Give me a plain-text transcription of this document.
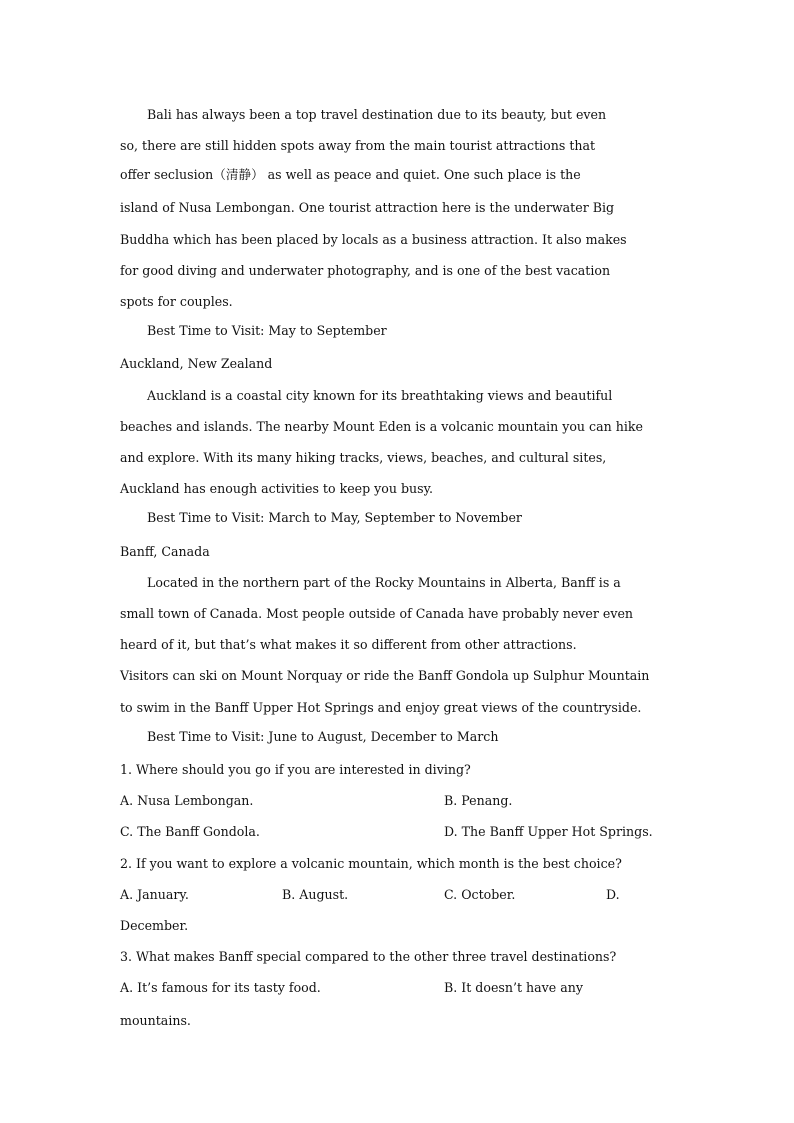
Bali has always been a top travel destination due to its beauty, but even
so, there are still hidden spots away from the main tourist attractions that
offer seclusion（清静） as well as peace and quiet. One such place is the
island of Nusa Lembongan. One tourist attraction here is the underwater Big
Buddha which has been placed by locals as a business attraction. It also makes
for good diving and underwater photography, and is one of the best vacation
spots for couples.
Best Time to Visit: May to September
Auckland, New Zealand
Auckland is a coastal city known for its breathtaking views and beautiful
beaches and islands. The nearby Mount Eden is a volcanic mountain you can hike
and explore. With its many hiking tracks, views, beaches, and cultural sites,
Auckland has enough activities to keep you busy.
Best Time to Visit: March to May, September to November
Banff, Canada
Located in the northern part of the Rocky Mountains in Alberta, Banff is a
small town of Canada. Most people outside of Canada have probably never even
heard of it, but that’s what makes it so different from other attractions.
Visitors can ski on Mount Norquay or ride the Banff Gondola up Sulphur Mountain
to swim in the Banff Upper Hot Springs and enjoy great views of the countryside.
Best Time to Visit: June to August, December to March
1. Where should you go if you are interested in diving?
A. Nusa Lembongan.	B. Penang.
C. The Banff Gondola.	D. The Banff Upper Hot Springs.
2. If you want to explore a volcanic mountain, which month is the best choice?
A. January.	B. August.	C. October.	D.
December.
3. What makes Banff special compared to the other three travel destinations?
A. It’s famous for its tasty food.	B. It doesn’t have any
mountains.
